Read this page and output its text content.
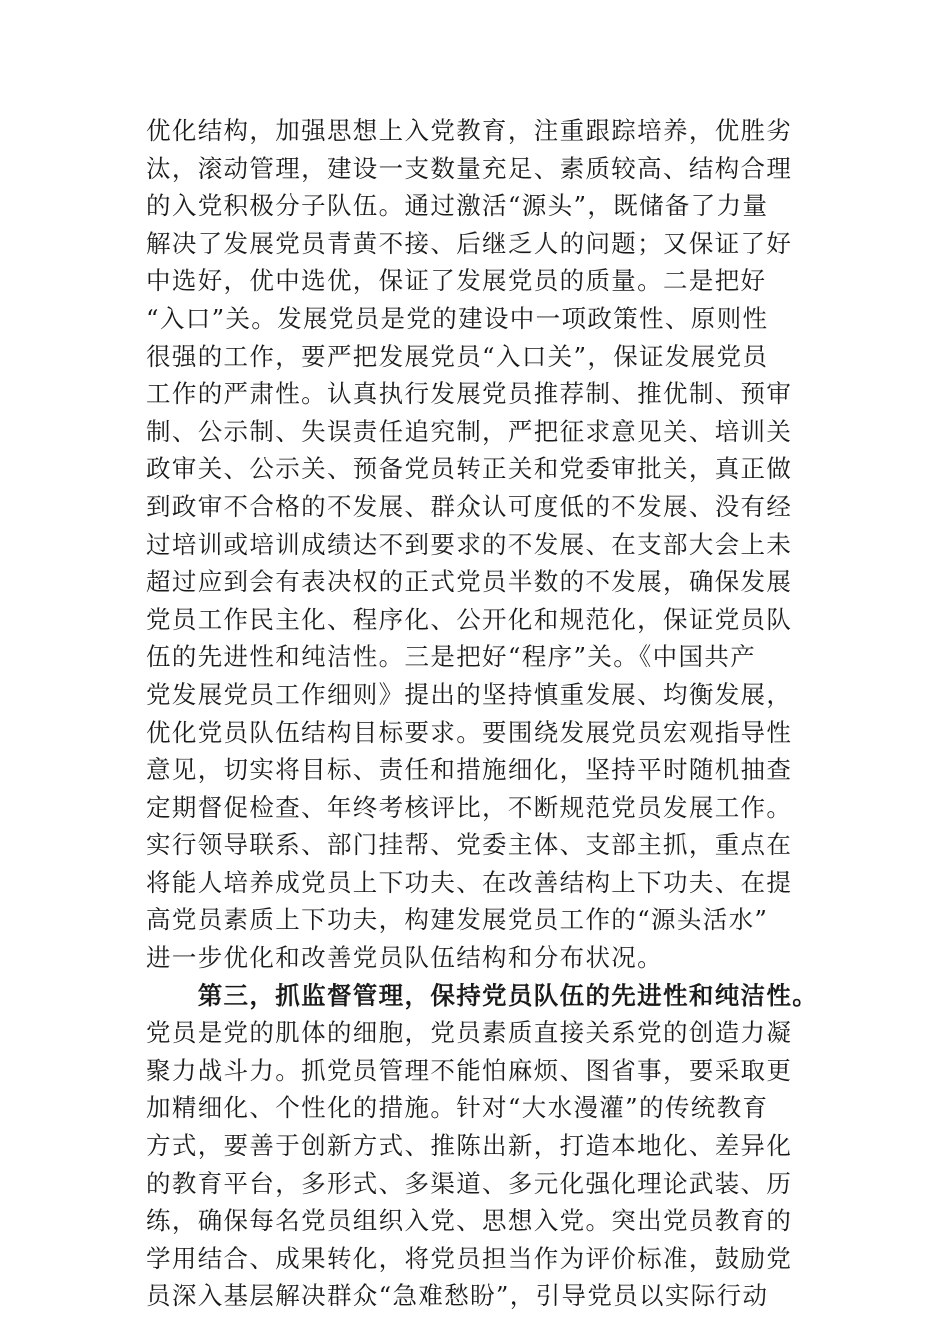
优化结构，加强思想上入党教育，注重跟踪培养，优胜劣
汰，滚动管理，建设一支数量充足、素质较高、结构合理
的入党积极分子队伍。通过激活“源头”，既储备了力量
解决了发展党员青黄不接、后继乏人的问题；又保证了好
中选好，优中选优，保证了发展党员的质量。二是把好
“入口”关。发展党员是党的建设中一项政策性、原则性
很强的工作，要严把发展党员“入口关”，保证发展党员
工作的严肃性。认真执行发展党员推荐制、推优制、预审
制、公示制、失误责任追究制，严把征求意见关、培训关
政审关、公示关、预备党员转正关和党委审批关，真正做
到政审不合格的不发展、群众认可度低的不发展、没有经
过培训或培训成绩达不到要求的不发展、在支部大会上未
超过应到会有表决权的正式党员半数的不发展，确保发展
党员工作民主化、程序化、公开化和规范化，保证党员队
伍的先进性和纯洁性。三是把好“程序”关。《中国共产
党发展党员工作细则》提出的坚持慎重发展、均衡发展，
优化党员队伍结构目标要求。要围绕发展党员宏观指导性
意见，切实将目标、责任和措施细化，坚持平时随机抽查
定期督促检查、年终考核评比，不断规范党员发展工作。
实行领导联系、部门挂帮、党委主体、支部主抓，重点在
将能人培养成党员上下功夫、在改善结构上下功夫、在提
高党员素质上下功夫，构建发展党员工作的“源头活水”
进一步优化和改善党员队伍结构和分布状况。
　　第三，抓监督管理，保持党员队伍的先进性和纯洁性。
党员是党的肌体的细胞，党员素质直接关系党的创造力凝
聚力战斗力。抓党员管理不能怕麻烦、图省事，要采取更
加精细化、个性化的措施。针对“大水漫灌”的传统教育
方式，要善于创新方式、推陈出新，打造本地化、差异化
的教育平台，多形式、多渠道、多元化强化理论武装、历
练，确保每名党员组织入党、思想入党。突出党员教育的
学用结合、成果转化，将党员担当作为评价标准，鼓励党
员深入基层解决群众“急难愁盼”，引导党员以实际行动
